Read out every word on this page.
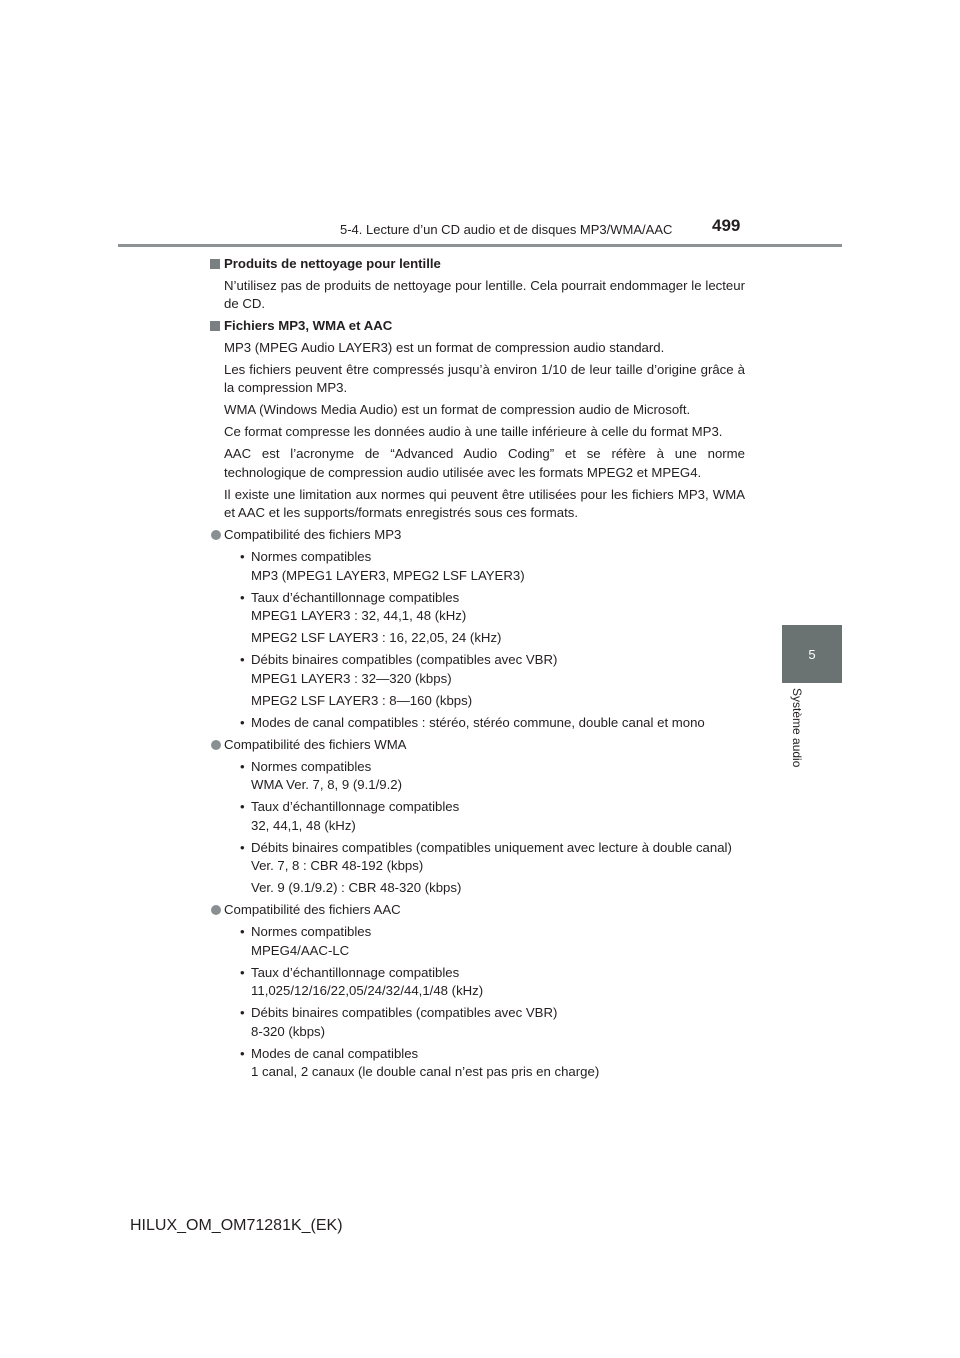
5-4. Lecture d’un CD audio et de disques MP3/WMA/AAC 499
5
Système audio
Produits de nettoyage pour lentille
N’utilisez pas de produits de nettoyage pour lentille. Cela pourrait endommager le lecteur de CD.
Fichiers MP3, WMA et AAC
MP3 (MPEG Audio LAYER3) est un format de compression audio standard.
Les fichiers peuvent être compressés jusqu’à environ 1/10 de leur taille d’origine grâce à la compression MP3.
WMA (Windows Media Audio) est un format de compression audio de Microsoft.
Ce format compresse les données audio à une taille inférieure à celle du format MP3.
AAC est l’acronyme de “Advanced Audio Coding” et se réfère à une norme technologique de compression audio utilisée avec les formats MPEG2 et MPEG4.
Il existe une limitation aux normes qui peuvent être utilisées pour les fichiers MP3, WMA et AAC et les supports/formats enregistrés sous ces formats.
Compatibilité des fichiers MP3
• Normes compatibles
MP3 (MPEG1 LAYER3, MPEG2 LSF LAYER3)
• Taux d’échantillonnage compatibles
MPEG1 LAYER3 : 32, 44,1, 48 (kHz)
MPEG2 LSF LAYER3 : 16, 22,05, 24 (kHz)
• Débits binaires compatibles (compatibles avec VBR)
MPEG1 LAYER3 : 32—320 (kbps)
MPEG2 LSF LAYER3 : 8—160 (kbps)
• Modes de canal compatibles : stéréo, stéréo commune, double canal et mono
Compatibilité des fichiers WMA
• Normes compatibles
WMA Ver. 7, 8, 9 (9.1/9.2)
• Taux d’échantillonnage compatibles
32, 44,1, 48 (kHz)
• Débits binaires compatibles (compatibles uniquement avec lecture à double canal)
Ver. 7, 8 : CBR 48-192 (kbps)
Ver. 9 (9.1/9.2) : CBR 48-320 (kbps)
Compatibilité des fichiers AAC
• Normes compatibles
MPEG4/AAC-LC
• Taux d’échantillonnage compatibles
11,025/12/16/22,05/24/32/44,1/48 (kHz)
• Débits binaires compatibles (compatibles avec VBR)
8-320 (kbps)
• Modes de canal compatibles
1 canal, 2 canaux (le double canal n’est pas pris en charge)
HILUX_OM_OM71281K_(EK)
